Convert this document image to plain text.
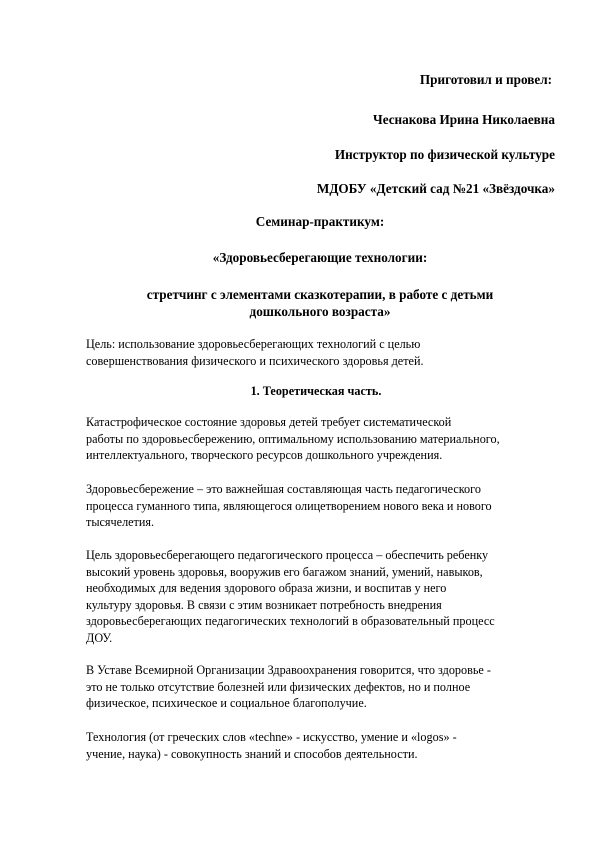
Приготовил и провел:
Чеснакова Ирина Николаевна
Инструктор по физической культуре
МДОБУ «Детский сад №21 «Звёздочка»
Семинар-практикум:
«Здоровьесберегающие технологии:
стретчинг с элементами сказкотерапии, в работе с детьми
дошкольного возраста»
Цель: использование здоровьесберегающих технологий с целью
совершенствования физического и психического здоровья детей.
1. Теоретическая часть.
Катастрофическое состояние здоровья детей требует систематической
работы по здоровьесбережению, оптимальному использованию материального,
интеллектуального, творческого ресурсов дошкольного учреждения.
Здоровьесбережение – это важнейшая составляющая часть педагогического
процесса гуманного типа, являющегося олицетворением нового века и нового
тысячелетия.
Цель здоровьесберегающего педагогического процесса – обеспечить ребенку
высокий уровень здоровья, вооружив его багажом знаний, умений, навыков,
необходимых для ведения здорового образа жизни, и воспитав у него
культуру здоровья. В связи с этим возникает потребность внедрения
здоровьесберегающих педагогических технологий в образовательный процесс
ДОУ.
В Уставе Всемирной Организации Здравоохранения говорится, что здоровье -
это не только отсутствие болезней или физических дефектов, но и полное
физическое, психическое и социальное благополучие.
Технология (от греческих слов «techne» - искусство, умение и «logos» -
учение, наука) - совокупность знаний и способов деятельности.
